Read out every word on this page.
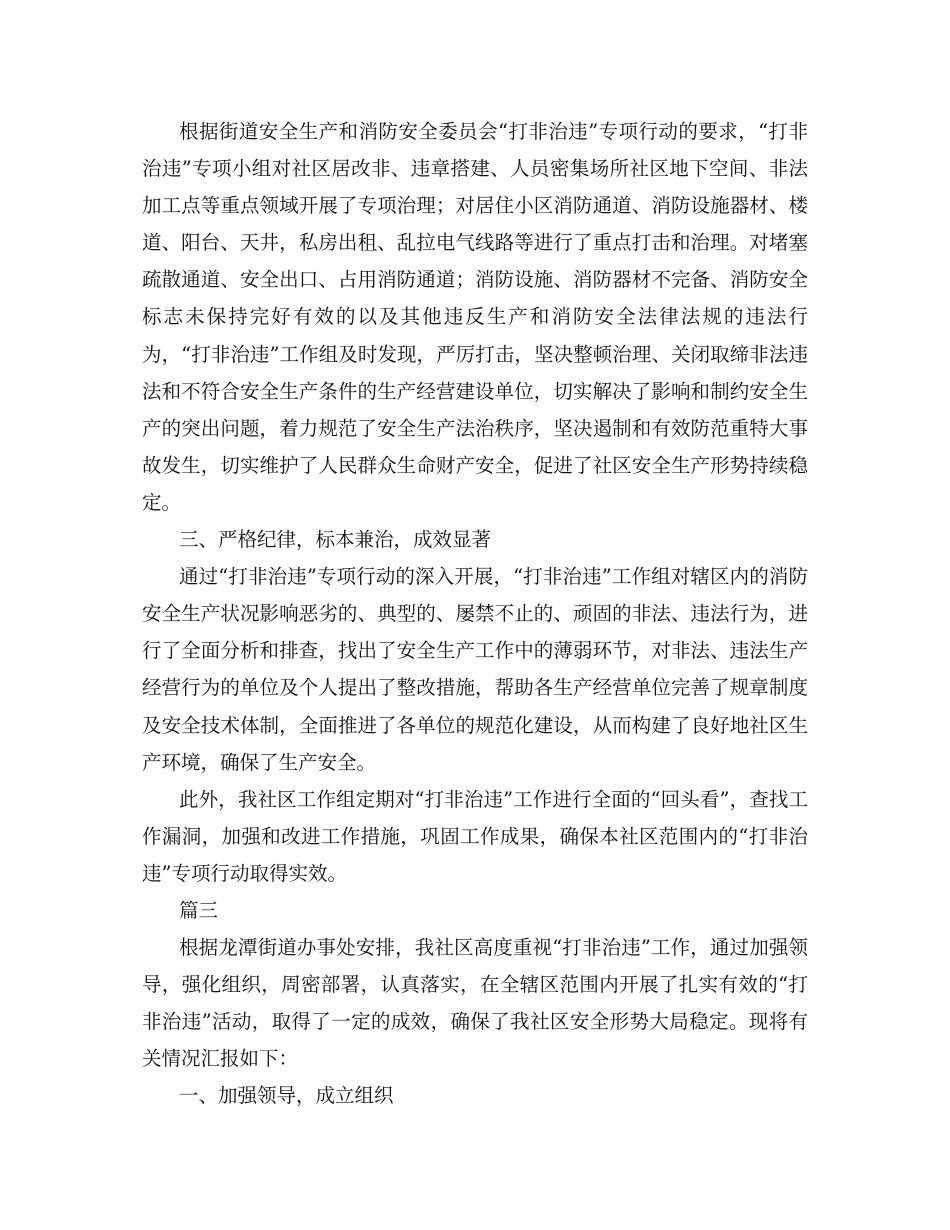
根据街道安全生产和消防安全委员会“打非治违”专项行动的要求，“打非治违”专项小组对社区居改非、违章搭建、人员密集场所社区地下空间、非法加工点等重点领域开展了专项治理；对居住小区消防通道、消防设施器材、楼道、阳台、天井，私房出租、乱拉电气线路等进行了重点打击和治理。对堵塞疏散通道、安全出口、占用消防通道；消防设施、消防器材不完备、消防安全标志未保持完好有效的以及其他违反生产和消防安全法律法规的违法行为，“打非治违”工作组及时发现，严厉打击，坚决整顿治理、关闭取缔非法违法和不符合安全生产条件的生产经营建设单位，切实解决了影响和制约安全生产的突出问题，着力规范了安全生产法治秩序，坚决遏制和有效防范重特大事故发生，切实维护了人民群众生命财产安全，促进了社区安全生产形势持续稳定。

三、严格纪律，标本兼治，成效显著

通过“打非治违”专项行动的深入开展，“打非治违”工作组对辖区内的消防安全生产状况影响恶劣的、典型的、屡禁不止的、顽固的非法、违法行为，进行了全面分析和排查，找出了安全生产工作中的薄弱环节，对非法、违法生产经营行为的单位及个人提出了整改措施，帮助各生产经营单位完善了规章制度及安全技术体制，全面推进了各单位的规范化建设，从而构建了良好地社区生产环境，确保了生产安全。

此外，我社区工作组定期对“打非治违”工作进行全面的“回头看”，查找工作漏洞，加强和改进工作措施，巩固工作成果，确保本社区范围内的“打非治违”专项行动取得实效。

篇三

根据龙潭街道办事处安排，我社区高度重视“打非治违”工作，通过加强领导，强化组织，周密部署，认真落实，在全辖区范围内开展了扎实有效的“打非治违”活动，取得了一定的成效，确保了我社区安全形势大局稳定。现将有关情况汇报如下：

一、加强领导，成立组织
